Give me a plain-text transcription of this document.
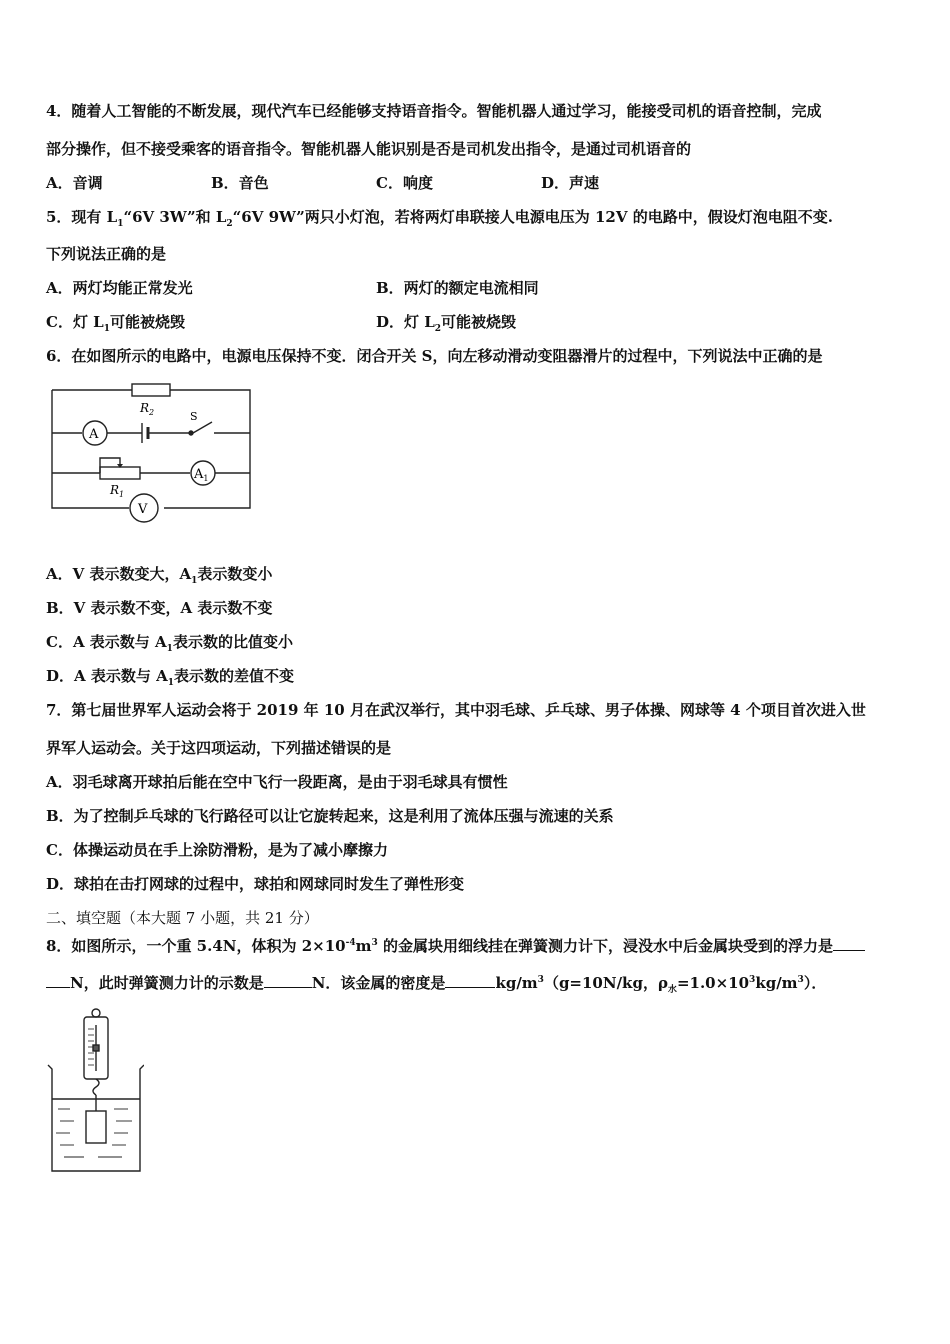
4．随着人工智能的不断发展，现代汽车已经能够支持语音指令。智能机器人通过学习，能接受司机的语音控制，完成
部分操作，但不接受乘客的语音指令。智能机器人能识别是否是司机发出指令，是通过司机语音的
A．音调	B．音色	C．响度	D．声速
5．现有 $L_1“6V$ 3W”和 $L_2“6V$ 9W”两只小灯泡，若将两灯串联接人电源电压为 12V 的电路中，假设灯泡电阻不变.
下列说法正确的是
A．两灯均能正常发光	B．两灯的额定电流相同
C．灯 $L_1$可能被烧毁	D．灯 $L_2$可能被烧毁
6．在如图所示的电路中，电源电压保持不变．闭合开关 S，向左移动滑动变阻器滑片的过程中，下列说法中正确的是
$R_2$	S
A
$A_1$
$R_1$
V
A．V 表示数变大，$A_1$表示数变小
B．V 表示数不变，A 表示数不变
C．A 表示数与 $A_1$表示数的比值变小
D．A 表示数与 $A_1$表示数的差值不变
7．第七届世界军人运动会将于 2019 年 10 月在武汉举行，其中羽毛球、乒乓球、男子体操、网球等 4 个项目首次进入世
界军人运动会。关于这四项运动，下列描述错误的是
A．羽毛球离开球拍后能在空中飞行一段距离，是由于羽毛球具有惯性
B．为了控制乒乓球的飞行路径可以让它旋转起来，这是利用了流体压强与流速的关系
C．体操运动员在手上涂防滑粉，是为了减小摩擦力
D．球拍在击打网球的过程中，球拍和网球同时发生了弹性形变
二、填空题（本大题 7 小题，共 21 分）
8．如图所示，一个重 5.4N，体积为 $2\times 10^{-4}m^3$ 的金属块用细线挂在弹簧测力计下，浸没水中后金属块受到的浮力是
N，此时弹簧测力计的示数是	N．该金属的密度是	$kg/m^3(g=10N/kg$，$\rho_水=1.0\times 10^3kg/m^3$）．
